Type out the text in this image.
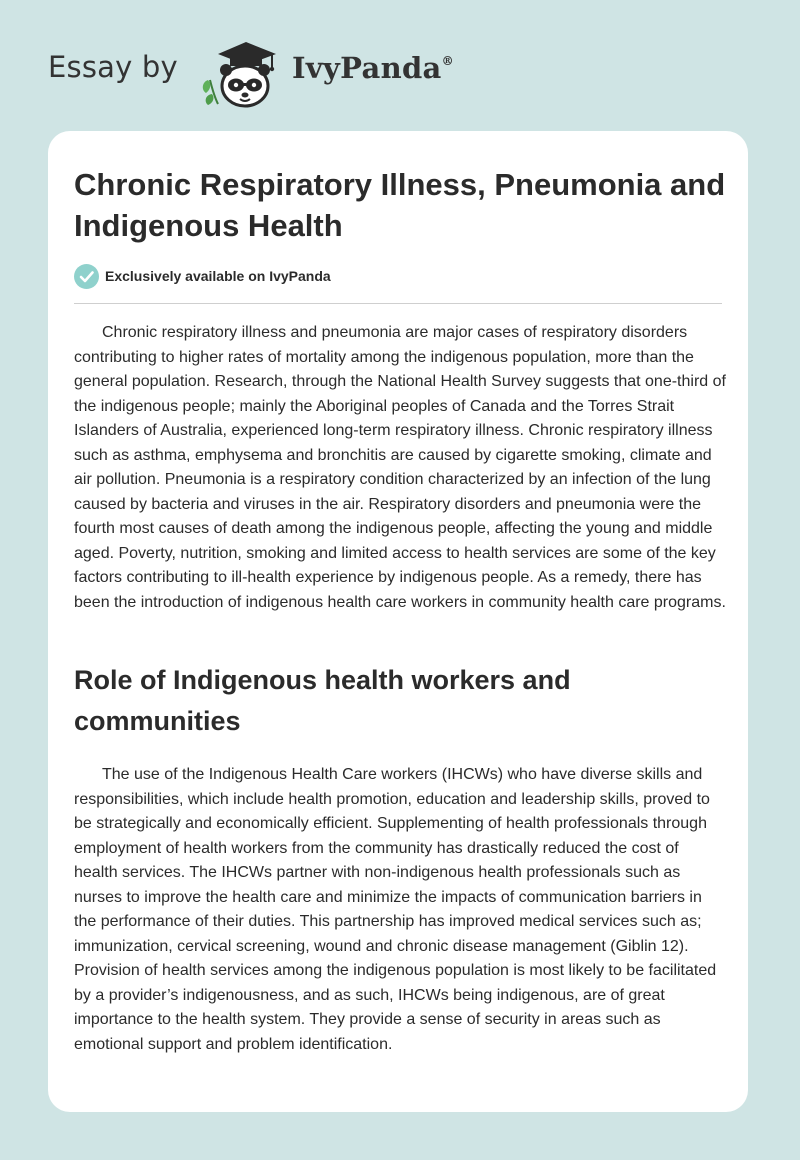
Essay by	IvyPanda®
Chronic Respiratory Illness, Pneumonia and Indigenous Health
Exclusively available on IvyPanda

Chronic respiratory illness and pneumonia are major cases of respiratory disorders contributing to higher rates of mortality among the indigenous population, more than the general population. Research, through the National Health Survey suggests that one-third of the indigenous people; mainly the Aboriginal peoples of Canada and the Torres Strait Islanders of Australia, experienced long-term respiratory illness. Chronic respiratory illness such as asthma, emphysema and bronchitis are caused by cigarette smoking, climate and air pollution. Pneumonia is a respiratory condition characterized by an infection of the lung caused by bacteria and viruses in the air. Respiratory disorders and pneumonia were the fourth most causes of death among the indigenous people, affecting the young and middle aged. Poverty, nutrition, smoking and limited access to health services are some of the key factors contributing to ill-health experience by indigenous people. As a remedy, there has been the introduction of indigenous health care workers in community health care programs.

Role of Indigenous health workers and communities

The use of the Indigenous Health Care workers (IHCWs) who have diverse skills and responsibilities, which include health promotion, education and leadership skills, proved to be strategically and economically efficient. Supplementing of health professionals through employment of health workers from the community has drastically reduced the cost of health services. The IHCWs partner with non-indigenous health professionals such as nurses to improve the health care and minimize the impacts of communication barriers in the performance of their duties. This partnership has improved medical services such as; immunization, cervical screening, wound and chronic disease management (Giblin 12). Provision of health services among the indigenous population is most likely to be facilitated by a provider’s indigenousness, and as such, IHCWs being indigenous, are of great importance to the health system. They provide a sense of security in areas such as emotional support and problem identification.
